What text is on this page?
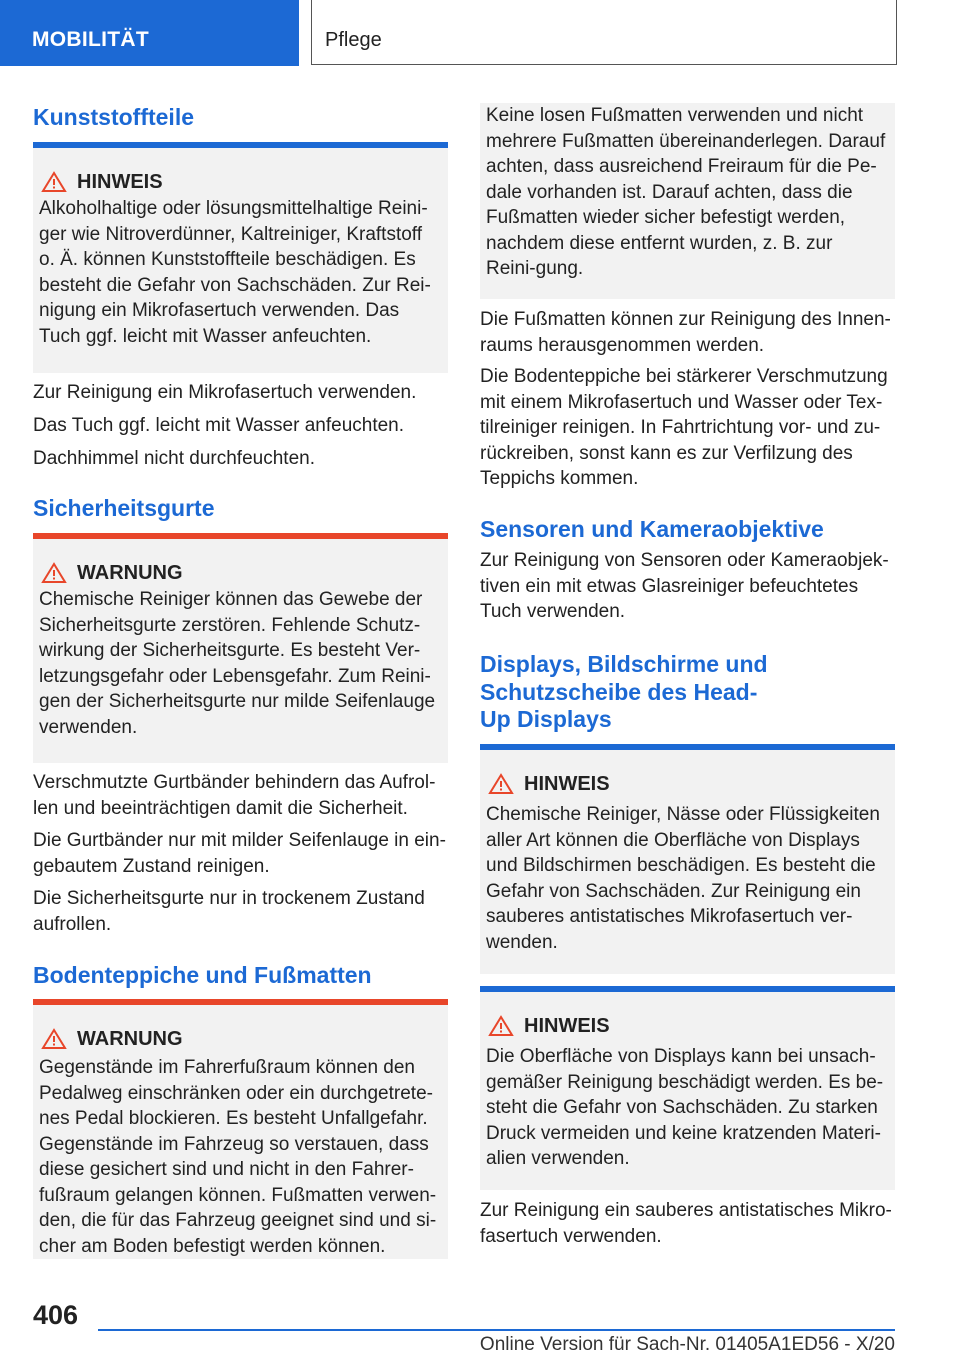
MOBILITÄT	Pflege
Kunststoffteile
HINWEIS
Alkoholhaltige oder lösungsmittelhaltige Reini-ger wie Nitroverdünner, Kaltreiniger, Kraftstoff o. Ä. können Kunststoffteile beschädigen. Es besteht die Gefahr von Sachschäden. Zur Rei-nigung ein Mikrofasertuch verwenden. Das Tuch ggf. leicht mit Wasser anfeuchten.

Zur Reinigung ein Mikrofasertuch verwenden.

Das Tuch ggf. leicht mit Wasser anfeuchten.

Dachhimmel nicht durchfeuchten.

Sicherheitsgurte
WARNUNG
Chemische Reiniger können das Gewebe der Sicherheitsgurte zerstören. Fehlende Schutz-wirkung der Sicherheitsgurte. Es besteht Ver-letzungsgefahr oder Lebensgefahr. Zum Reini-gen der Sicherheitsgurte nur milde Seifenlauge verwenden.

Verschmutzte Gurtbänder behindern das Aufrol-len und beeinträchtigen damit die Sicherheit.

Die Gurtbänder nur mit milder Seifenlauge in ein-gebautem Zustand reinigen.

Die Sicherheitsgurte nur in trockenem Zustand aufrollen.

Bodenteppiche und Fußmatten
WARNUNG
Gegenstände im Fahrerfußraum können den Pedalweg einschränken oder ein durchgetrete-nes Pedal blockieren. Es besteht Unfallgefahr. Gegenstände im Fahrzeug so verstauen, dass diese gesichert sind und nicht in den Fahrer-fußraum gelangen können. Fußmatten verwen-den, die für das Fahrzeug geeignet sind und si-cher am Boden befestigt werden können.
Keine losen Fußmatten verwenden und nicht mehrere Fußmatten übereinanderlegen. Darauf achten, dass ausreichend Freiraum für die Pe-dale vorhanden ist. Darauf achten, dass die Fußmatten wieder sicher befestigt werden, nachdem diese entfernt wurden, z. B. zur Reini-gung.

Die Fußmatten können zur Reinigung des Innen-raums herausgenommen werden.

Die Bodenteppiche bei stärkerer Verschmutzung mit einem Mikrofasertuch und Wasser oder Tex-tilreiniger reinigen. In Fahrtrichtung vor- und zu-rückreiben, sonst kann es zur Verfilzung des Teppichs kommen.

Sensoren und Kameraobjektive

Zur Reinigung von Sensoren oder Kameraobjek-tiven ein mit etwas Glasreiniger befeuchtetes Tuch verwenden.

Displays, Bildschirme und
Schutzscheibe des Head-
Up Displays
HINWEIS
Chemische Reiniger, Nässe oder Flüssigkeiten aller Art können die Oberfläche von Displays und Bildschirmen beschädigen. Es besteht die Gefahr von Sachschäden. Zur Reinigung ein sauberes antistatisches Mikrofasertuch ver-wenden.
HINWEIS
Die Oberfläche von Displays kann bei unsach-gemäßer Reinigung beschädigt werden. Es be-steht die Gefahr von Sachschäden. Zu starken Druck vermeiden und keine kratzenden Materi-alien verwenden.

Zur Reinigung ein sauberes antistatisches Mikro-fasertuch verwenden.

406
Online Version für Sach-Nr. 01405A1ED56 - X/20
